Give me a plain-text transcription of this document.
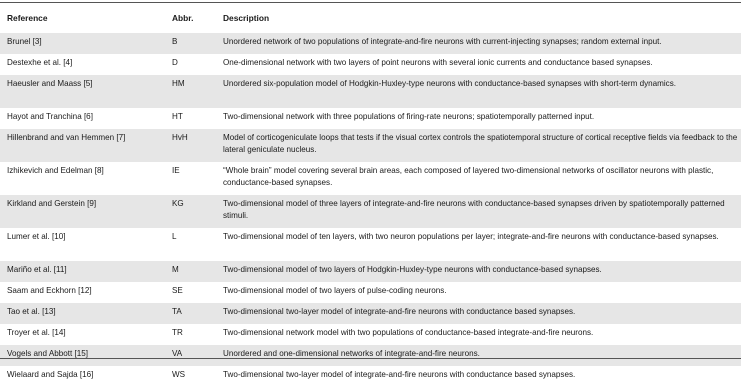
Reference	Abbr.	Description
Brunel [3]	B	Unordered network of two populations of integrate-and-fire neurons with current-injecting synapses; random external input.
Destexhe et al. [4]	D	One-dimensional network with two layers of point neurons with several ionic currents and conductance based synapses.
Haeusler and Maass [5]	HM	Unordered six-population model of Hodgkin-Huxley-type neurons with conductance-based synapses with short-term dynamics.
Hayot and Tranchina [6]	HT	Two-dimensional network with three populations of firing-rate neurons; spatiotemporally patterned input.
Hillenbrand and van Hemmen [7]	HvH	Model of corticogeniculate loops that tests if the visual cortex controls the spatiotemporal structure of cortical receptive fields via feedback to the lateral geniculate nucleus.
Izhikevich and Edelman [8]	IE	“Whole brain” model covering several brain areas, each composed of layered two-dimensional networks of oscillator neurons with plastic, conductance-based synapses.
Kirkland and Gerstein [9]	KG	Two-dimensional model of three layers of integrate-and-fire neurons with conductance-based synapses driven by spatiotemporally patterned stimuli.
Lumer et al. [10]	L	Two-dimensional model of ten layers, with two neuron populations per layer; integrate-and-fire neurons with conductance-based synapses.
Mariño et al. [11]	M	Two-dimensional model of two layers of Hodgkin-Huxley-type neurons with conductance-based synapses.
Saam and Eckhorn [12]	SE	Two-dimensional model of two layers of pulse-coding neurons.
Tao et al. [13]	TA	Two-dimensional two-layer model of integrate-and-fire neurons with conductance based synapses.
Troyer et al. [14]	TR	Two-dimensional network model with two populations of conductance-based integrate-and-fire neurons.
Vogels and Abbott [15]	VA	Unordered and one-dimensional networks of integrate-and-fire neurons.
Wielaard and Sajda [16]	WS	Two-dimensional two-layer model of integrate-and-fire neurons with conductance based synapses.
